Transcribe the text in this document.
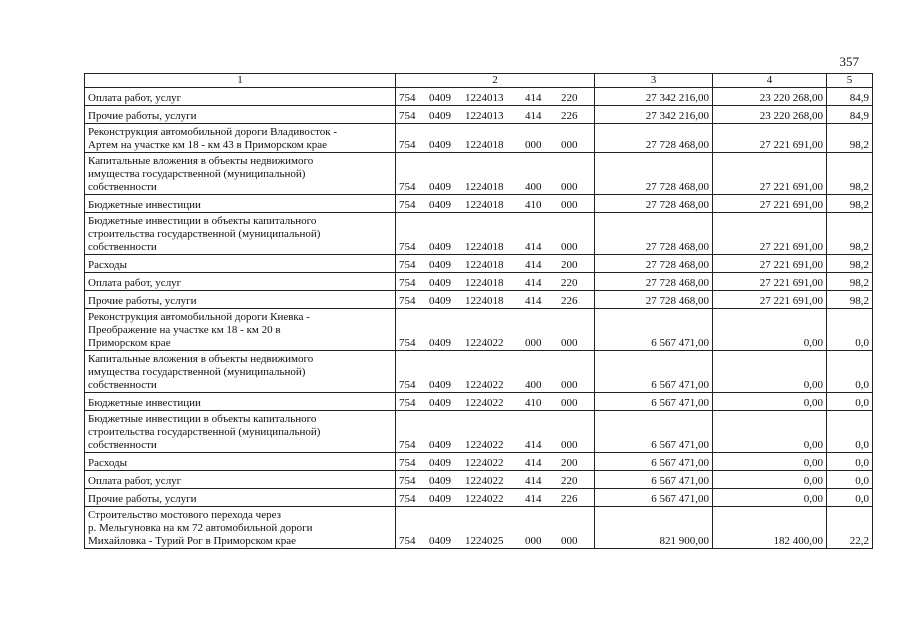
357
1	2	3	4	5

Оплата работ, услуг	754 0409 1224013 414 220	27 342 216,00	23 220 268,00	84,9

Прочие работы, услуги	754 0409 1224013 414 226	27 342 216,00	23 220 268,00	84,9

Реконструкция автомобильной дороги Владивосток -
Артем на участке км 18 - км 43 в Приморском крае	754 0409 1224018 000 000	27 728 468,00	27 221 691,00	98,2

Капитальные вложения в объекты недвижимого
имущества государственной (муниципальной)
собственности	754 0409 1224018 400 000	27 728 468,00	27 221 691,00	98,2

Бюджетные инвестиции	754 0409 1224018 410 000	27 728 468,00	27 221 691,00	98,2

Бюджетные инвестиции в объекты капитального
строительства государственной (муниципальной)
собственности	754 0409 1224018 414 000	27 728 468,00	27 221 691,00	98,2

Расходы	754 0409 1224018 414 200	27 728 468,00	27 221 691,00	98,2

Оплата работ, услуг	754 0409 1224018 414 220	27 728 468,00	27 221 691,00	98,2

Прочие работы, услуги	754 0409 1224018 414 226	27 728 468,00	27 221 691,00	98,2

Реконструкция автомобильной дороги Киевка -
Преображение на участке км 18 - км 20 в
Приморском крае	754 0409 1224022 000 000	6 567 471,00	0,00	0,0

Капитальные вложения в объекты недвижимого
имущества государственной (муниципальной)
собственности	754 0409 1224022 400 000	6 567 471,00	0,00	0,0

Бюджетные инвестиции	754 0409 1224022 410 000	6 567 471,00	0,00	0,0

Бюджетные инвестиции в объекты капитального
строительства государственной (муниципальной)
собственности	754 0409 1224022 414 000	6 567 471,00	0,00	0,0

Расходы	754 0409 1224022 414 200	6 567 471,00	0,00	0,0

Оплата работ, услуг	754 0409 1224022 414 220	6 567 471,00	0,00	0,0

Прочие работы, услуги	754 0409 1224022 414 226	6 567 471,00	0,00	0,0

Строительство мостового перехода через
р. Мельгуновка на км 72 автомобильной дороги
Михайловка - Турий Рог в Приморском крае	754 0409 1224025 000 000	821 900,00	182 400,00	22,2
